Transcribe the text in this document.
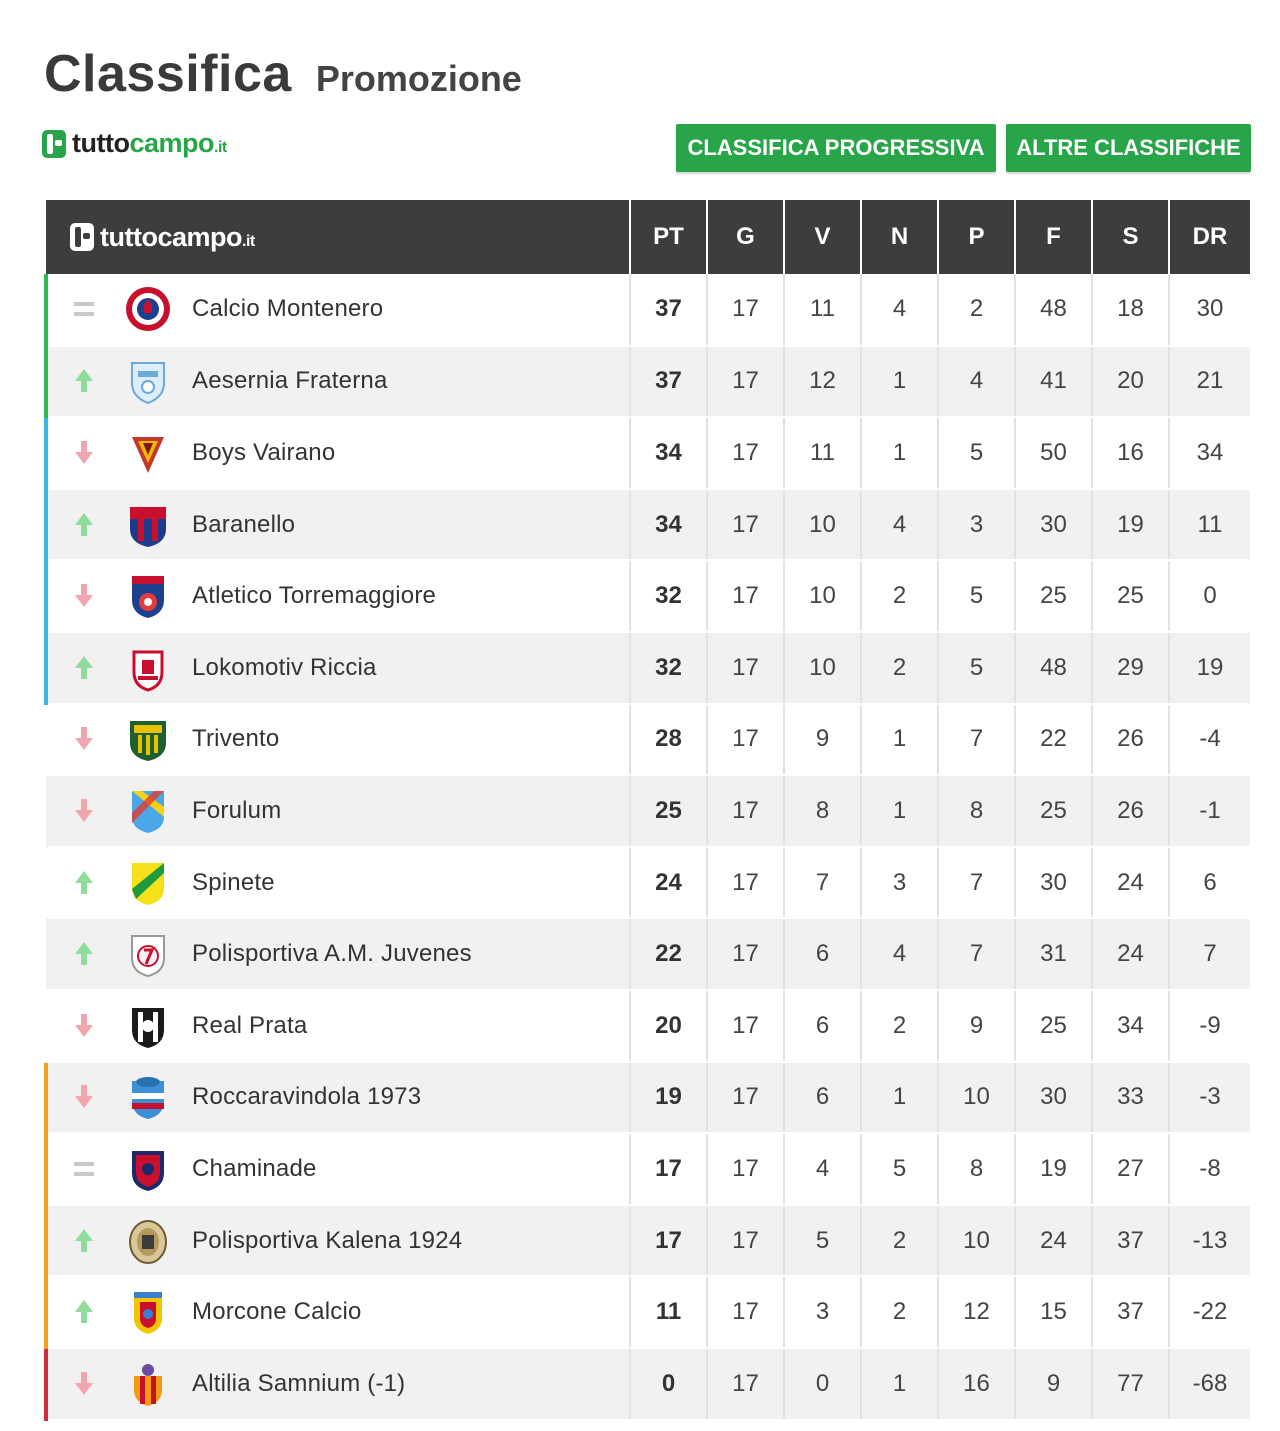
Classifica Promozione
tuttocampo.it	CLASSIFICA PROGRESSIVA	ALTRE CLASSIFICHE
tuttocampo.it	PT	G	V	N	P	F	S	DR

Calcio Montenero	37	17	11	4	2	48	18	30

Aesernia Fraterna	37	17	12	1	4	41	20	21

Boys Vairano	34	17	11	1	5	50	16	34

Baranello	34	17	10	4	3	30	19	11

Atletico Torremaggiore	32	17	10	2	5	25	25	0

Lokomotiv Riccia	32	17	10	2	5	48	29	19

Trivento	28	17	9	1	7	22	26	-4

Forulum	25	17	8	1	8	25	26	-1

Spinete	24	17	7	3	7	30	24	6

Polisportiva A.M. Juvenes	22	17	6	4	7	31	24	7

Real Prata	20	17	6	2	9	25	34	-9

Roccaravindola 1973	19	17	6	1	10	30	33	-3

Chaminade	17	17	4	5	8	19	27	-8

Polisportiva Kalena 1924	17	17	5	2	10	24	37	-13

Morcone Calcio	11	17	3	2	12	15	37	-22

Altilia Samnium (-1)	0	17	0	1	16	9	77	-68
